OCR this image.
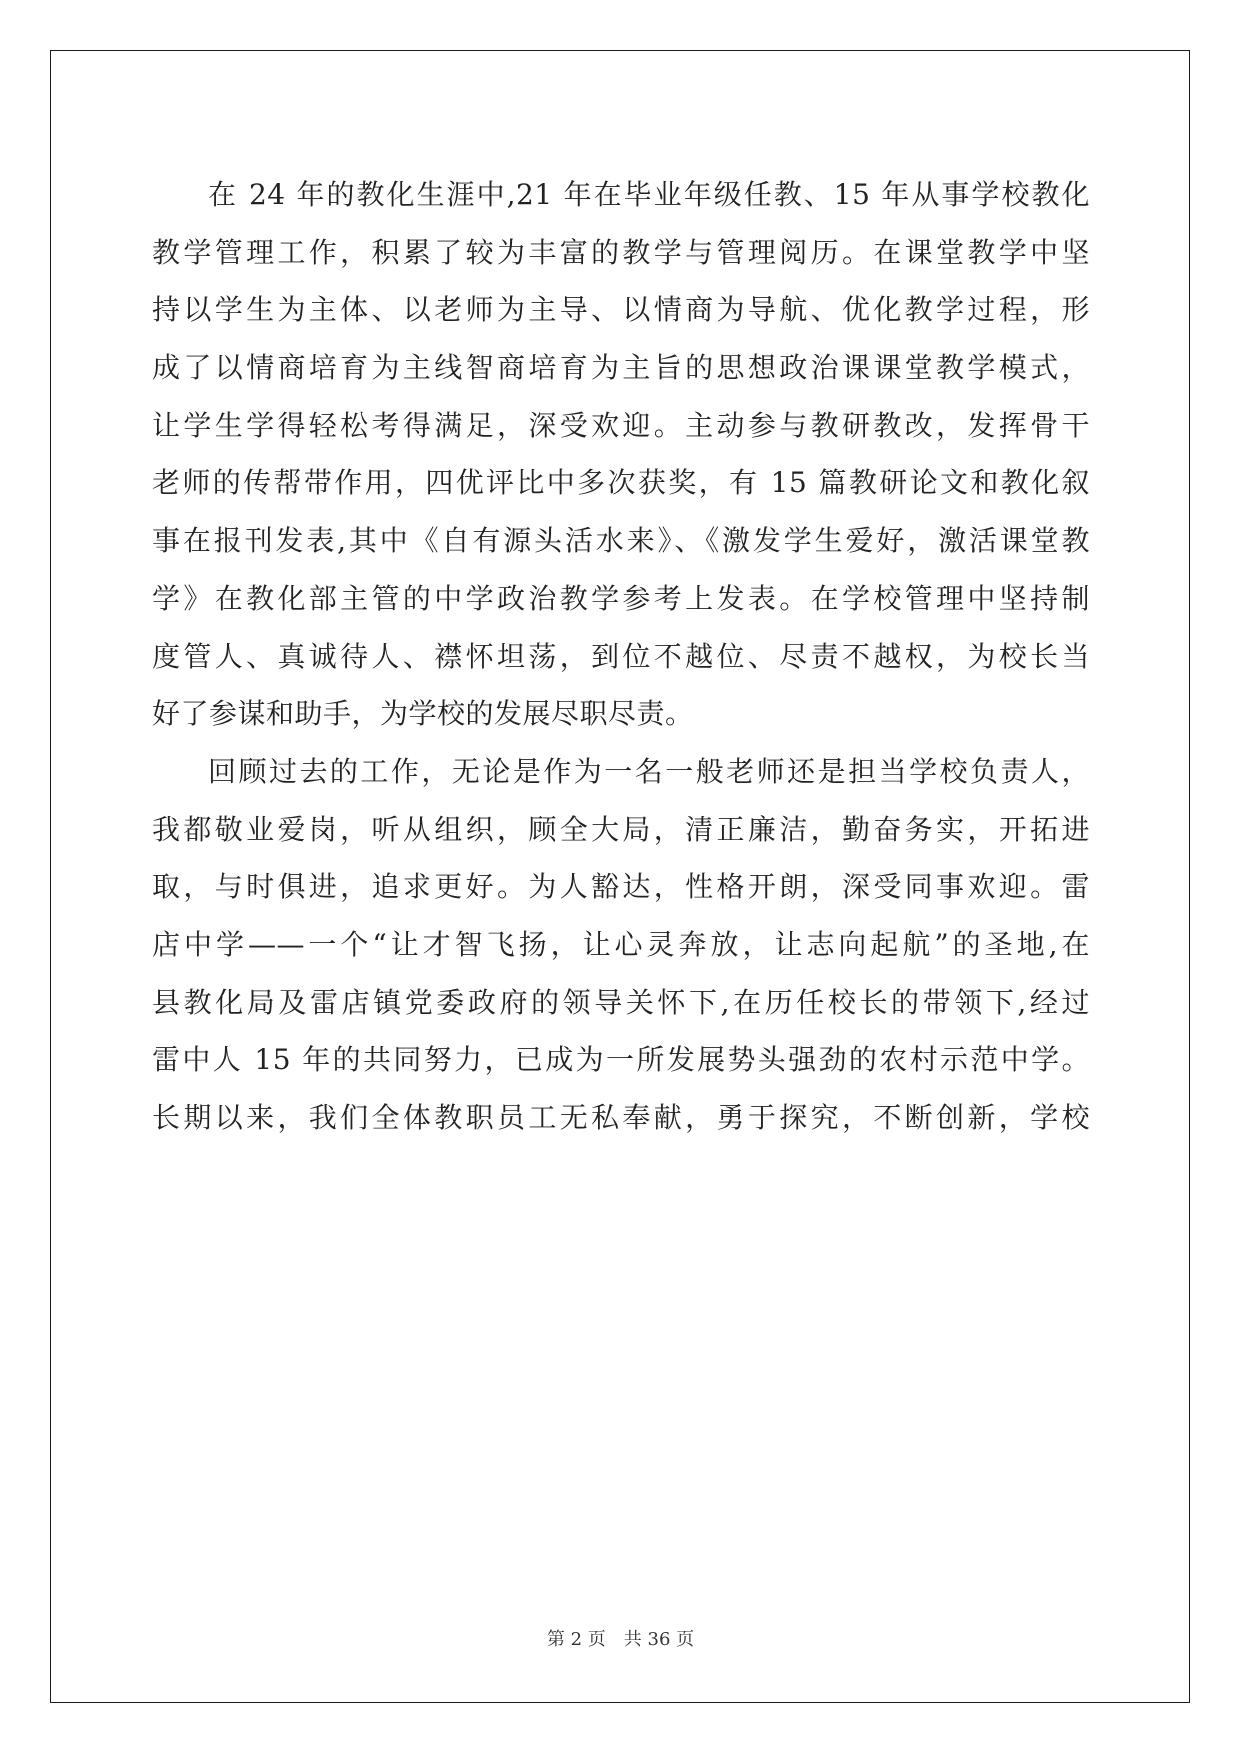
在 24 年的教化生涯中,21 年在毕业年级任教、15 年从事学校教化
教学管理工作，积累了较为丰富的教学与管理阅历。在课堂教学中坚
持以学生为主体、以老师为主导、以情商为导航、优化教学过程，形
成了以情商培育为主线智商培育为主旨的思想政治课课堂教学模式，
让学生学得轻松考得满足，深受欢迎。主动参与教研教改，发挥骨干
老师的传帮带作用，四优评比中多次获奖，有 15 篇教研论文和教化叙
事在报刊发表,其中《自有源头活水来》、《激发学生爱好，激活课堂教
学》在教化部主管的中学政治教学参考上发表。在学校管理中坚持制
度管人、真诚待人、襟怀坦荡，到位不越位、尽责不越权，为校长当
好了参谋和助手，为学校的发展尽职尽责。
回顾过去的工作，无论是作为一名一般老师还是担当学校负责人，
我都敬业爱岗，听从组织，顾全大局，清正廉洁，勤奋务实，开拓进
取，与时俱进，追求更好。为人豁达，性格开朗，深受同事欢迎。雷
店中学——一个“让才智飞扬，让心灵奔放，让志向起航”的圣地,在
县教化局及雷店镇党委政府的领导关怀下,在历任校长的带领下,经过
雷中人 15 年的共同努力，已成为一所发展势头强劲的农村示范中学。
长期以来，我们全体教职员工无私奉献，勇于探究，不断创新，学校
第 2 页 共 36 页
